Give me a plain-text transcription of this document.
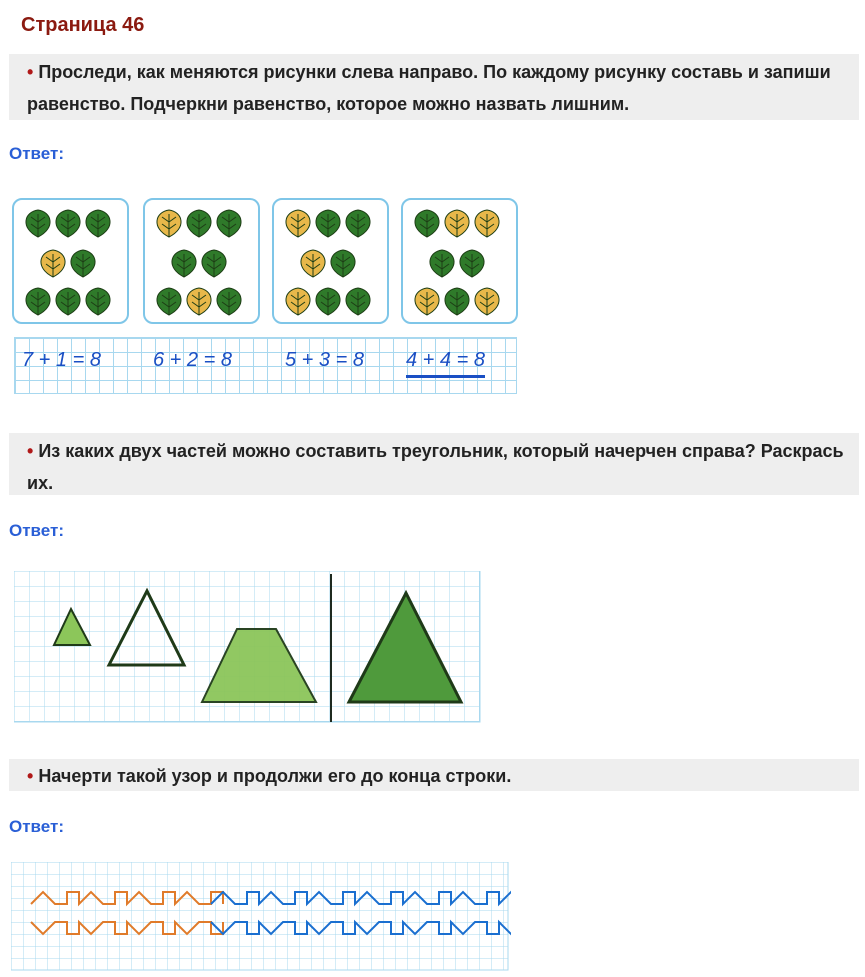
Страница 46
• Проследи, как меняются рисунки слева направо. По каждому рисунку составь и запиши равенство. Подчеркни равенство, которое можно назвать лишним.
Ответ:
7 + 1 = 8	6 + 2 = 8	5 + 3 = 8 4 + 4 = 8
• Из каких двух частей можно составить треугольник, который начерчен справа? Раскрась их.
Ответ:
• Начерти такой узор и продолжи его до конца строки.
Ответ:
